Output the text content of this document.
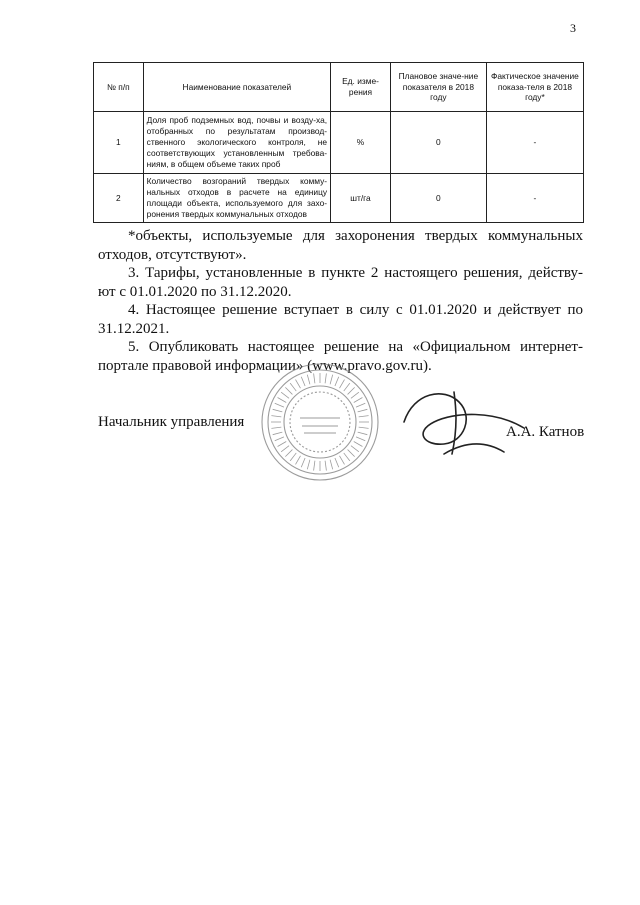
3
№ п/п	Наименование показателей	Ед. изме-рения	Плановое значе-ние показателя в 2018 году	Фактическое значение показа-теля в 2018 году*
1	Доля проб подземных вод, почвы и возду-ха, отобранных по результатам производ-ственного экологического контроля, не соответствующих установленным требова-ниям, в общем объеме таких проб	%	0	-
2	Количество возгораний твердых комму-нальных отходов в расчете на единицу площади объекта, используемого для захо-ронения твердых коммунальных отходов	шт/га	0	-

*объекты, используемые для захоронения твердых коммунальных отходов, отсутствуют».

3. Тарифы, установленные в пункте 2 настоящего решения, действу-ют с 01.01.2020 по 31.12.2020.

4. Настоящее решение вступает в силу с 01.01.2020 и действует по 31.12.2021.

5. Опубликовать настоящее решение на «Официальном интернет-портале правовой информации» (www.pravo.gov.ru).

Начальник управления
А.А. Катнов
